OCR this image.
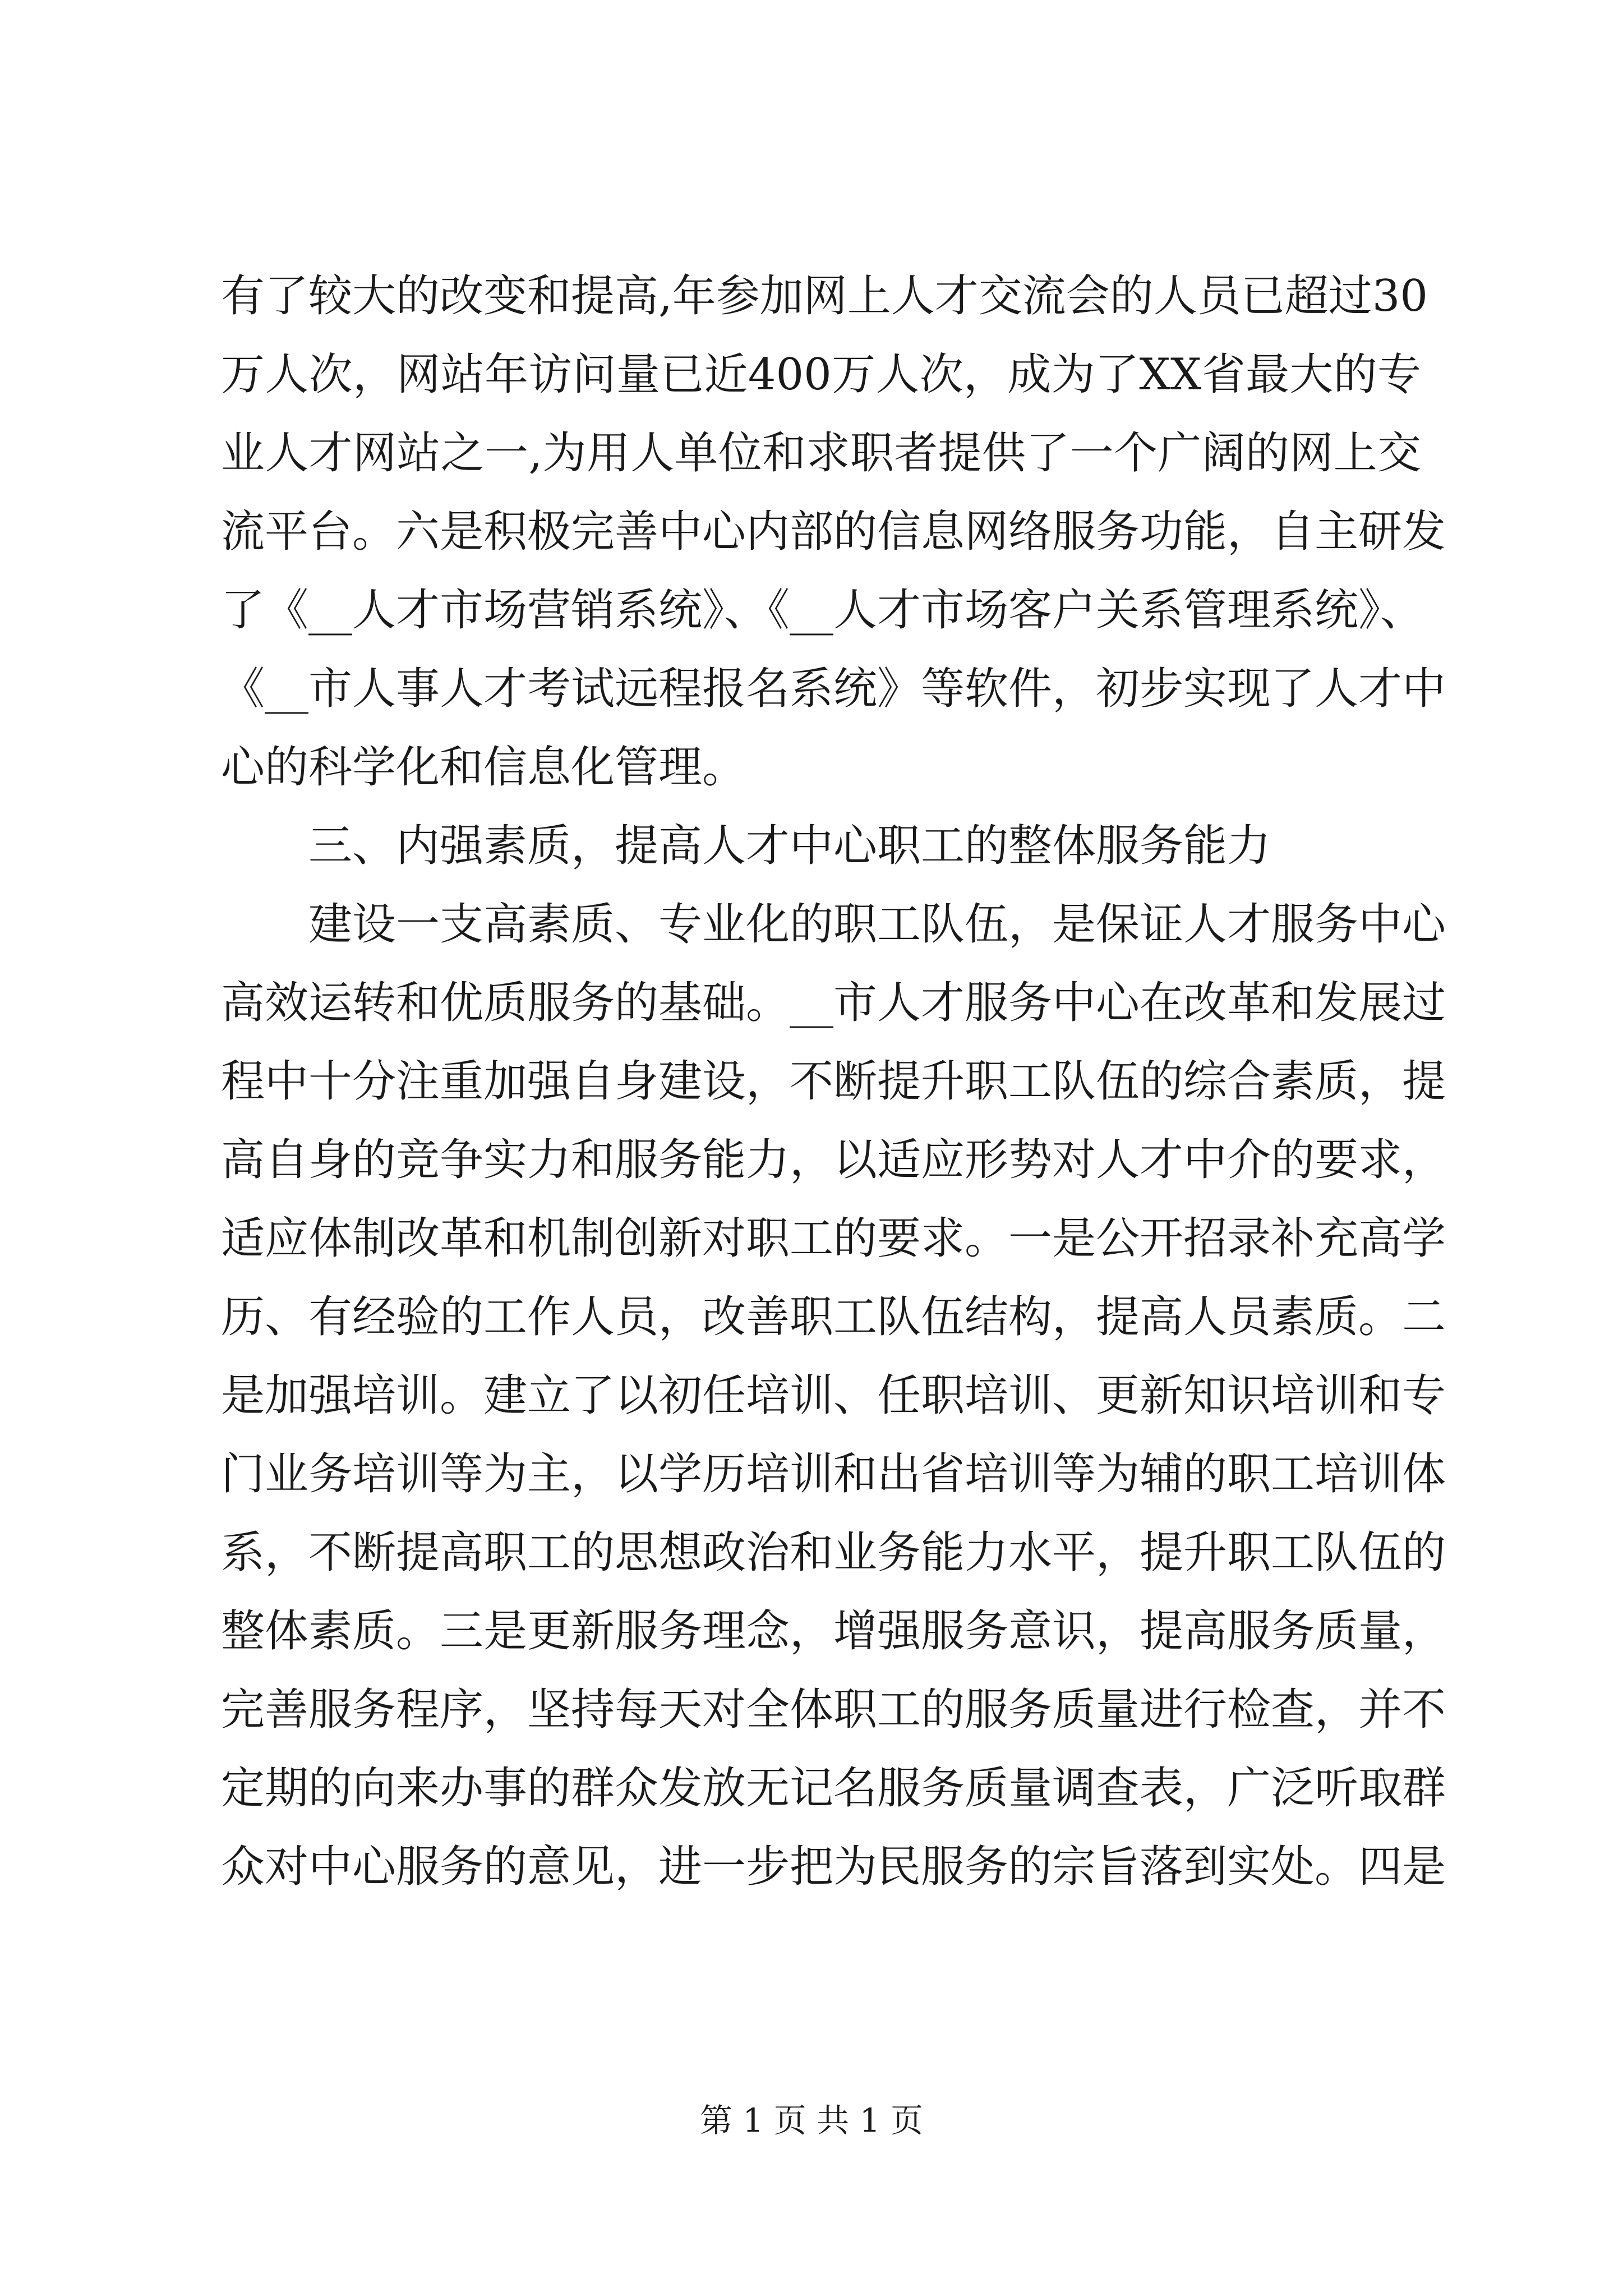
有了较大的改变和提高,年参加网上人才交流会的人员已超过30
万人次，网站年访问量已近400万人次，成为了XX省最大的专
业人才网站之一,为用人单位和求职者提供了一个广阔的网上交
流平台。六是积极完善中心内部的信息网络服务功能，自主研发
了《__人才市场营销系统》、《__人才市场客户关系管理系统》、
《__市人事人才考试远程报名系统》等软件，初步实现了人才中
心的科学化和信息化管理。
三、内强素质，提高人才中心职工的整体服务能力
建设一支高素质、专业化的职工队伍，是保证人才服务中心
高效运转和优质服务的基础。__市人才服务中心在改革和发展过
程中十分注重加强自身建设，不断提升职工队伍的综合素质，提
高自身的竞争实力和服务能力，以适应形势对人才中介的要求，
适应体制改革和机制创新对职工的要求。一是公开招录补充高学
历、有经验的工作人员，改善职工队伍结构，提高人员素质。二
是加强培训。建立了以初任培训、任职培训、更新知识培训和专
门业务培训等为主，以学历培训和出省培训等为辅的职工培训体
系，不断提高职工的思想政治和业务能力水平，提升职工队伍的
整体素质。三是更新服务理念，增强服务意识，提高服务质量，
完善服务程序，坚持每天对全体职工的服务质量进行检查，并不
定期的向来办事的群众发放无记名服务质量调查表，广泛听取群
众对中心服务的意见，进一步把为民服务的宗旨落到实处。四是
第 1 页 共 1 页
